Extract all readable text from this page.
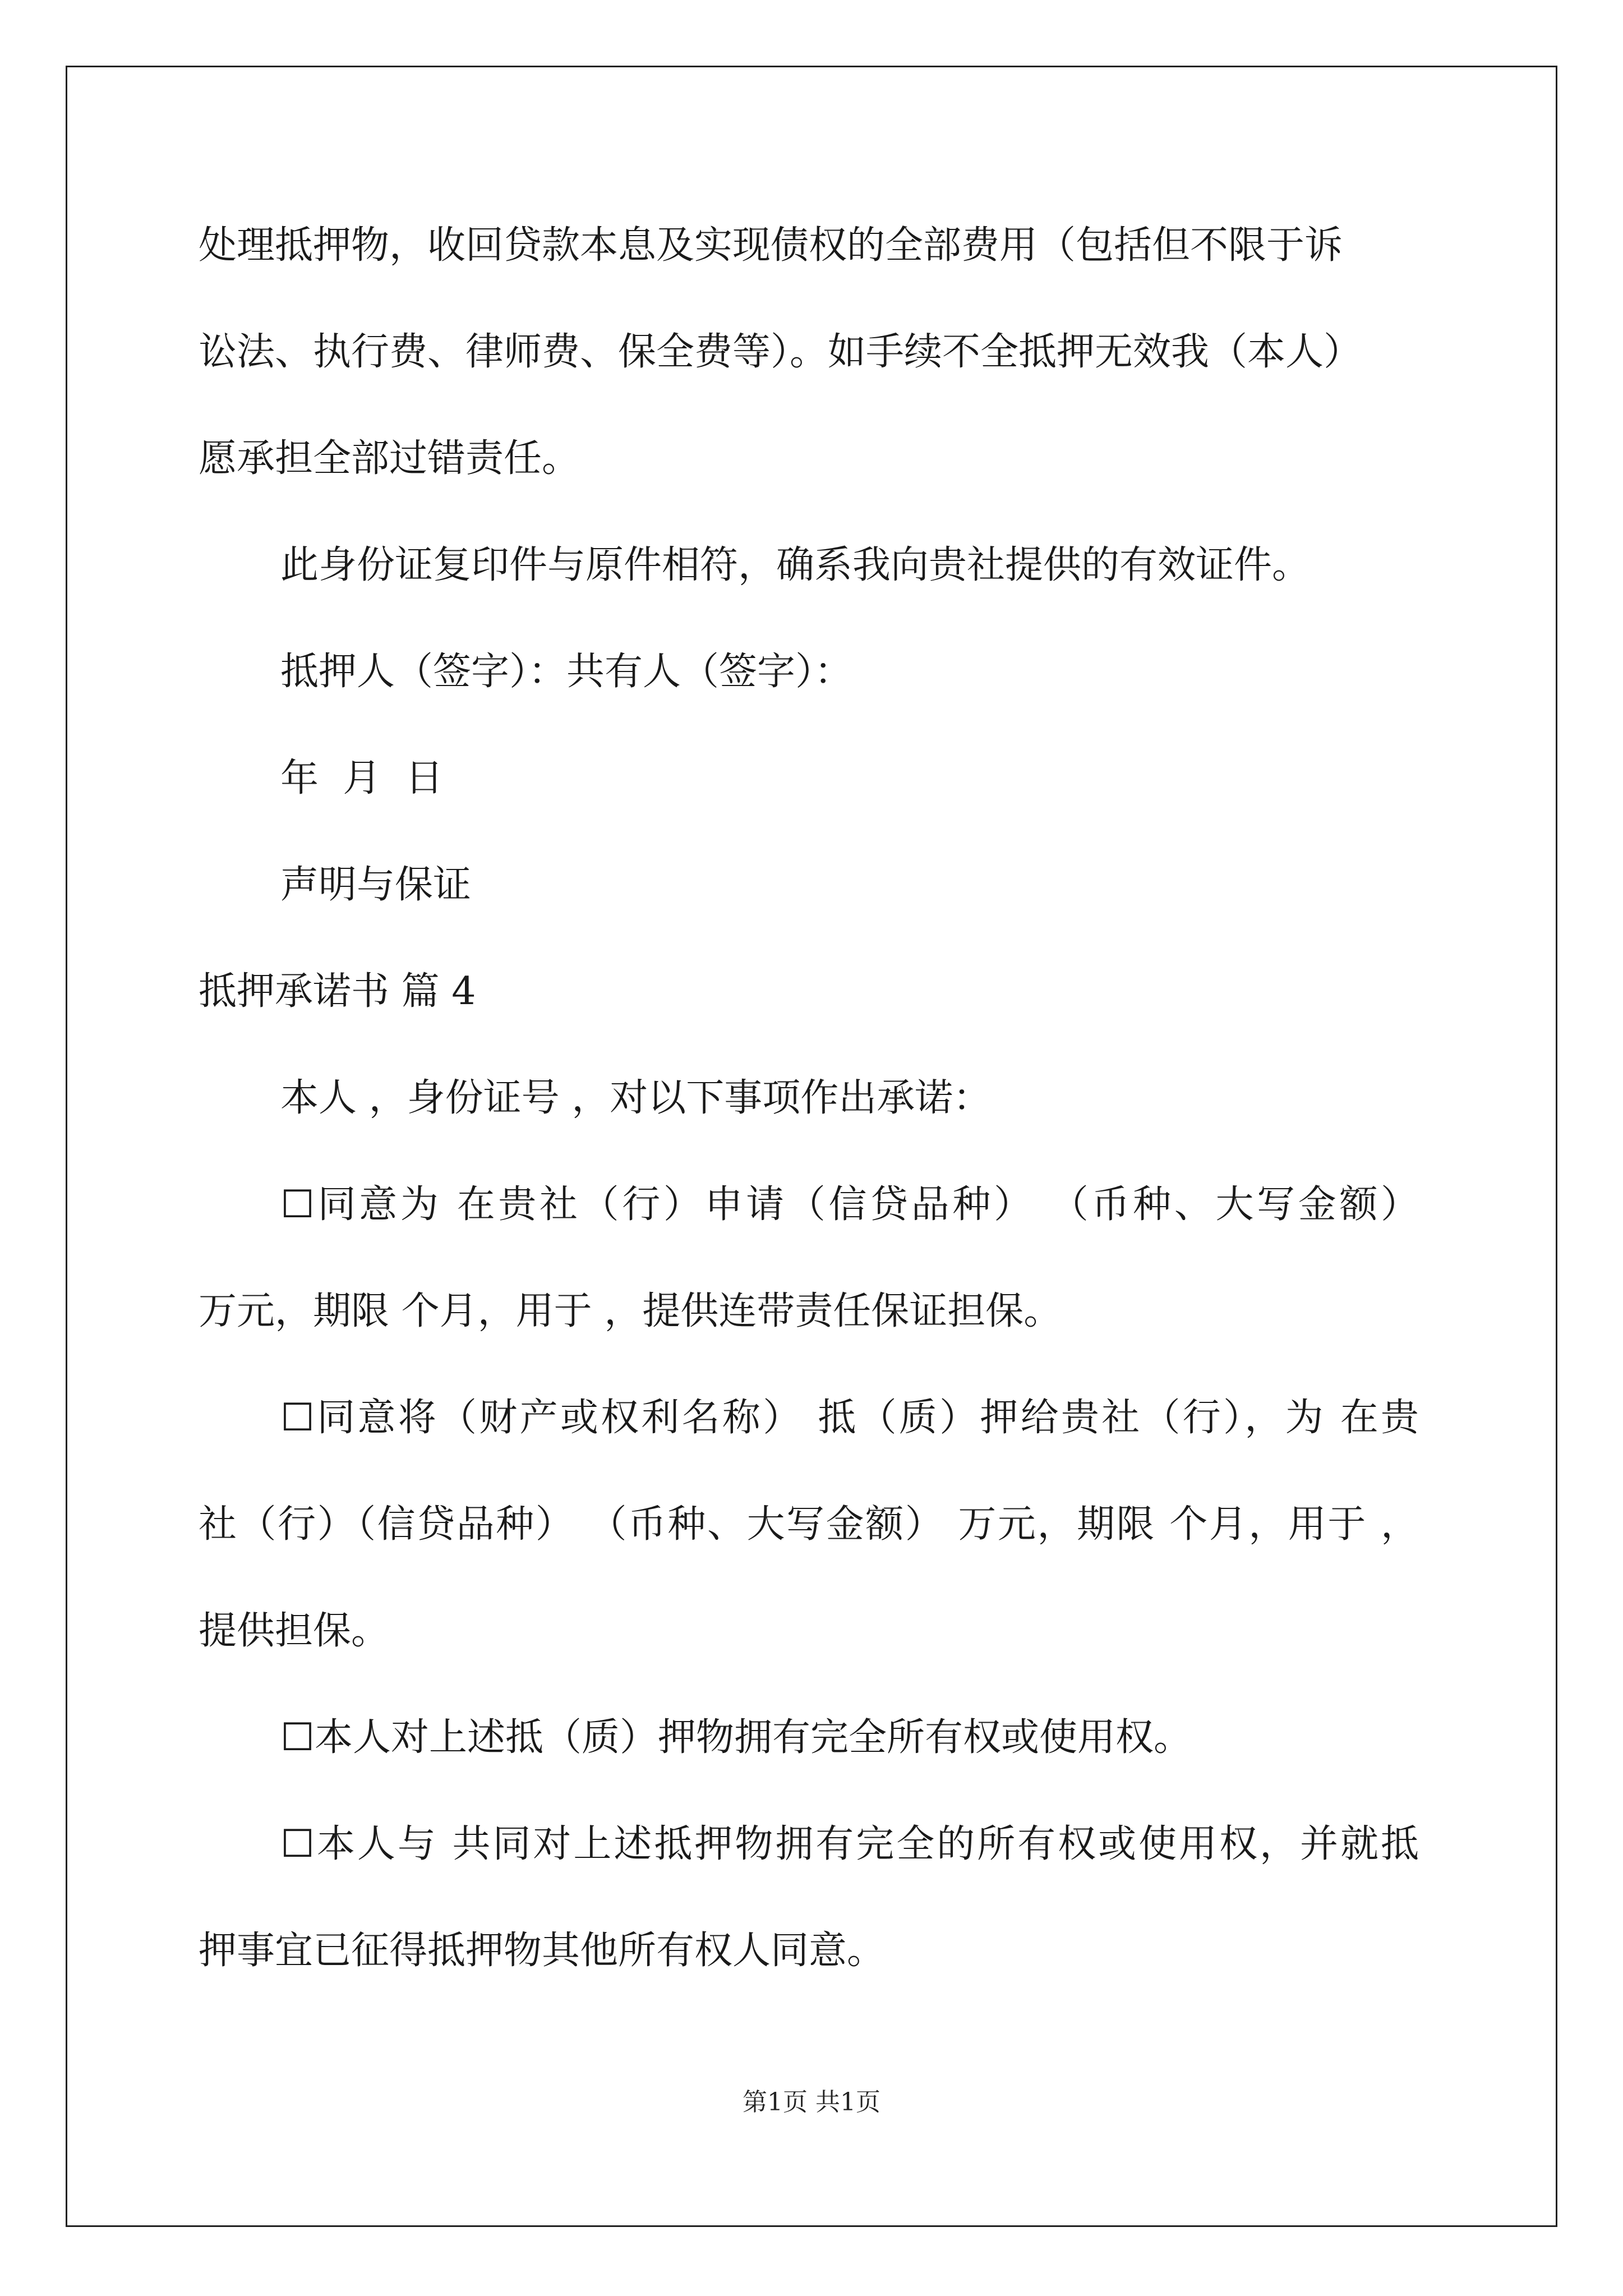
处理抵押物，收回贷款本息及实现债权的全部费用（包括但不限于诉

讼法、执行费、律师费、保全费等）。如手续不全抵押无效我（本人）

愿承担全部过错责任。

此身份证复印件与原件相符，确系我向贵社提供的有效证件。

抵押人（签字）：共有人（签字）：

年  月  日

声明与保证

抵押承诺书 篇 4

本人 ，身份证号 ，对以下事项作出承诺：

☐同意为 在贵社（行）申请（信贷品种） （币种、大写金额）

万元，期限 个月，用于 ，提供连带责任保证担保。

☐同意将（财产或权利名称） 抵（质）押给贵社（行），为 在贵

社（行）（信贷品种） （币种、大写金额） 万元，期限 个月，用于 ，

提供担保。

☐本人对上述抵（质）押物拥有完全所有权或使用权。

☐本人与 共同对上述抵押物拥有完全的所有权或使用权，并就抵

押事宜已征得抵押物其他所有权人同意。

第1页 共1页
